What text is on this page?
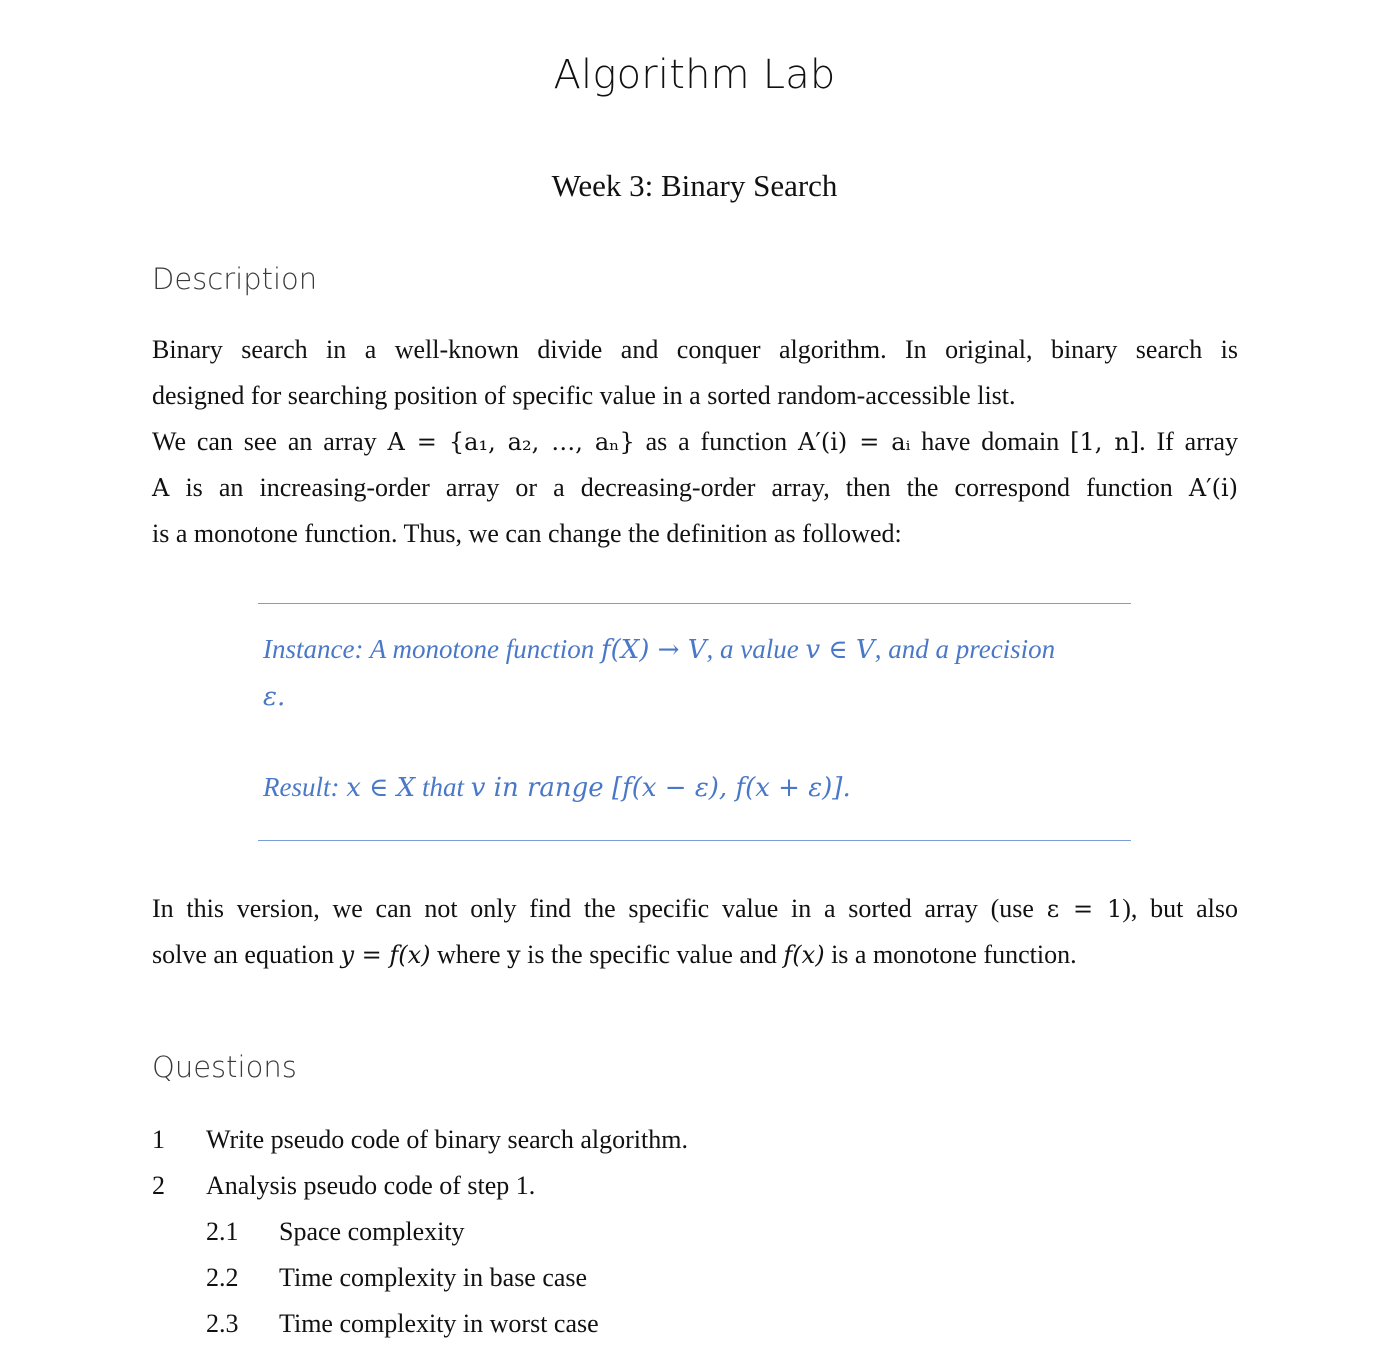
Algorithm Lab
Week 3: Binary Search
Description
Binary search in a well-known divide and conquer algorithm. In original, binary search is
designed for searching position of specific value in a sorted random-accessible list.
We can see an array A = {a₁, a₂, …, aₙ} as a function A′(i) = aᵢ have domain [1, n]. If array
A is an increasing-order array or a decreasing-order array, then the correspond function A′(i)
is a monotone function. Thus, we can change the definition as followed:
Instance: A monotone function f(X) → V, a value v ∈ V, and a precision
ε.
Result: x ∈ X that v in range [f(x − ε), f(x + ε)].
In this version, we can not only find the specific value in a sorted array (use ε = 1), but also
solve an equation y = f(x) where y is the specific value and f(x) is a monotone function.
Questions
1 Write pseudo code of binary search algorithm.
2 Analysis pseudo code of step 1.
2.1 Space complexity
2.2 Time complexity in base case
2.3 Time complexity in worst case
